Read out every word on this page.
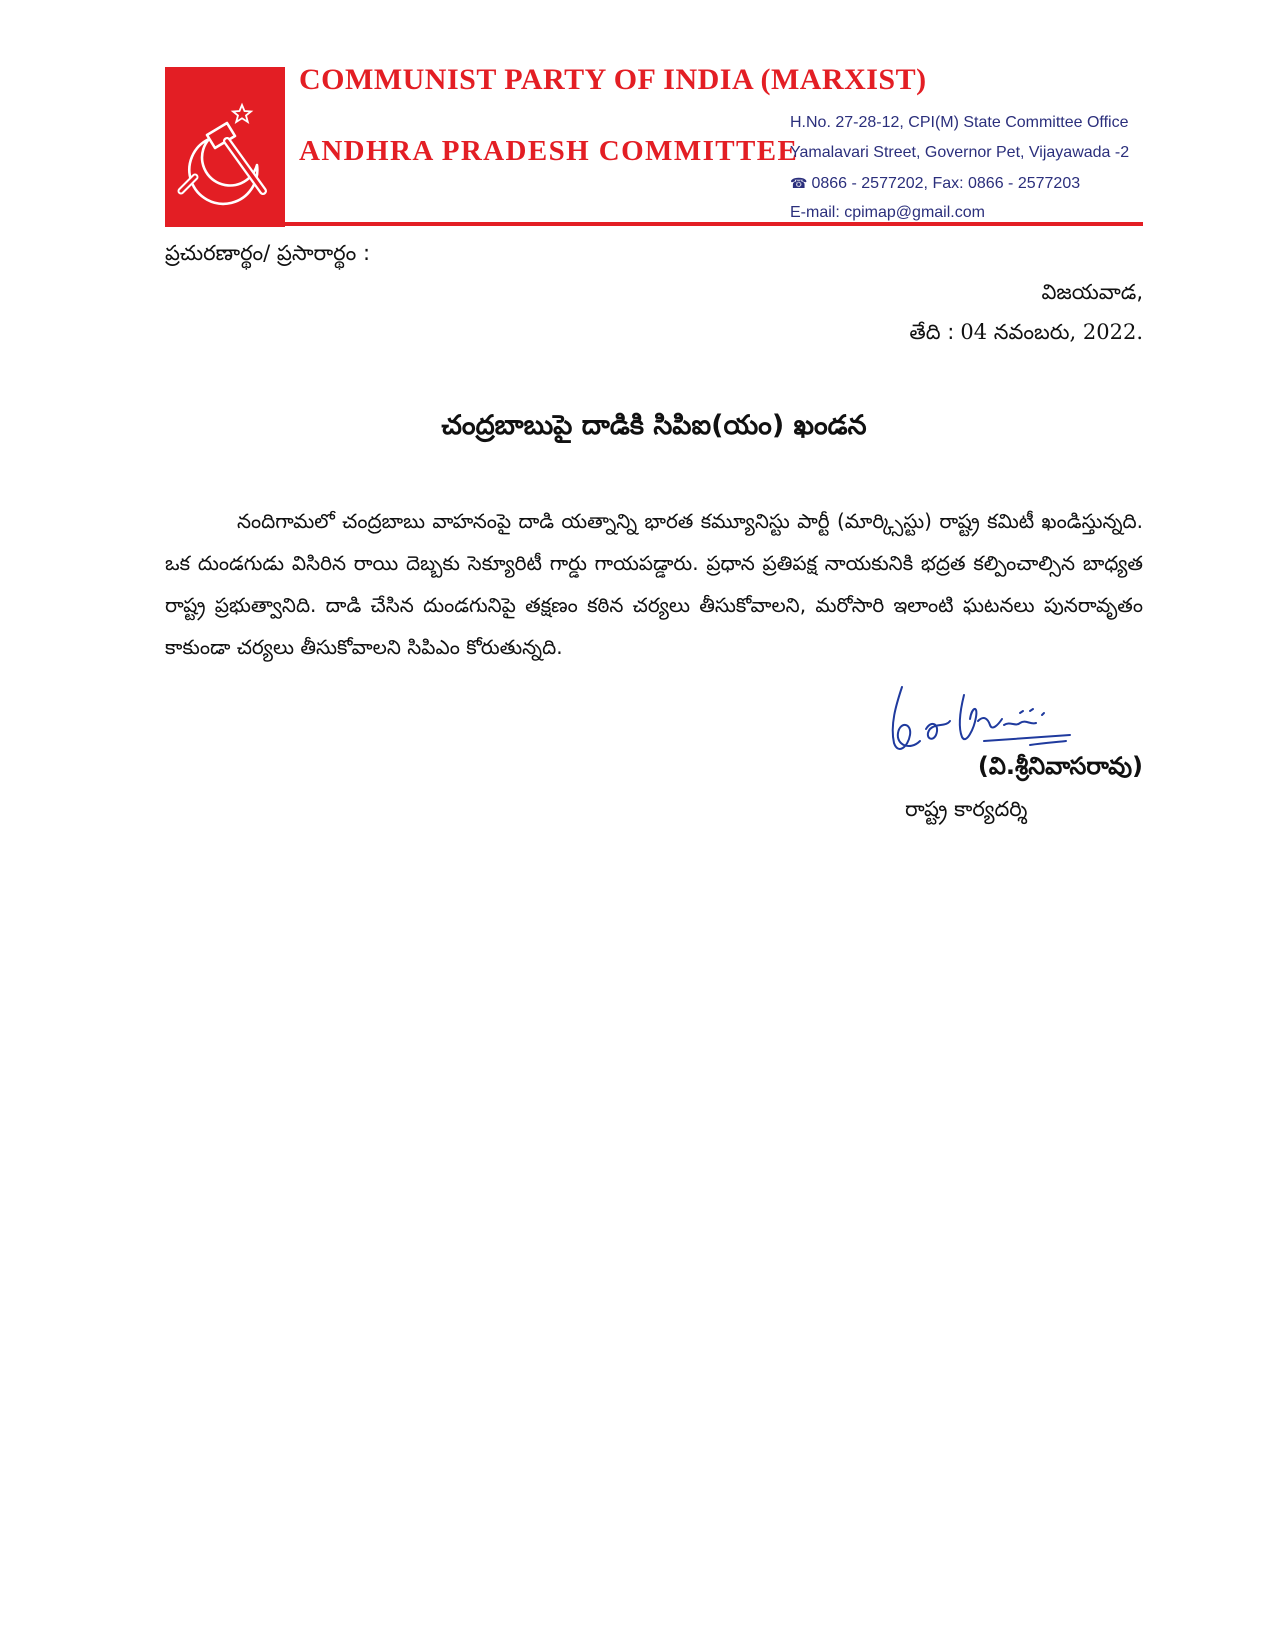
COMMUNIST PARTY OF INDIA (MARXIST)
ANDHRA PRADESH COMMITTEE
H.No. 27-28-12, CPI(M) State Committee Office
Yamalavari Street, Governor Pet, Vijayawada -2
☎ 0866 - 2577202, Fax: 0866 - 2577203
E-mail: cpimap@gmail.com
ప్రచురణార్థం/ ప్రసారార్థం :
విజయవాడ,
తేది : 04 నవంబరు, 2022.
చంద్రబాబుపై దాడికి సిపిఐ(యం) ఖండన

నందిగామలో చంద్రబాబు వాహనంపై దాడి యత్నాన్ని భారత కమ్యూనిస్టు పార్టీ (మార్క్సిస్టు) రాష్ట్ర కమిటీ ఖండిస్తున్నది. ఒక దుండగుడు విసిరిన రాయి దెబ్బకు సెక్యూరిటీ గార్డు గాయపడ్డారు. ప్రధాన ప్రతిపక్ష నాయకునికి భద్రత కల్పించాల్సిన బాధ్యత రాష్ట్ర ప్రభుత్వానిది. దాడి చేసిన దుండగునిపై తక్షణం కఠిన చర్యలు తీసుకోవాలని, మరోసారి ఇలాంటి ఘటనలు పునరావృతం కాకుండా చర్యలు తీసుకోవాలని సిపిఎం కోరుతున్నది.

(వి.శ్రీనివాసరావు)
రాష్ట్ర కార్యదర్శి
